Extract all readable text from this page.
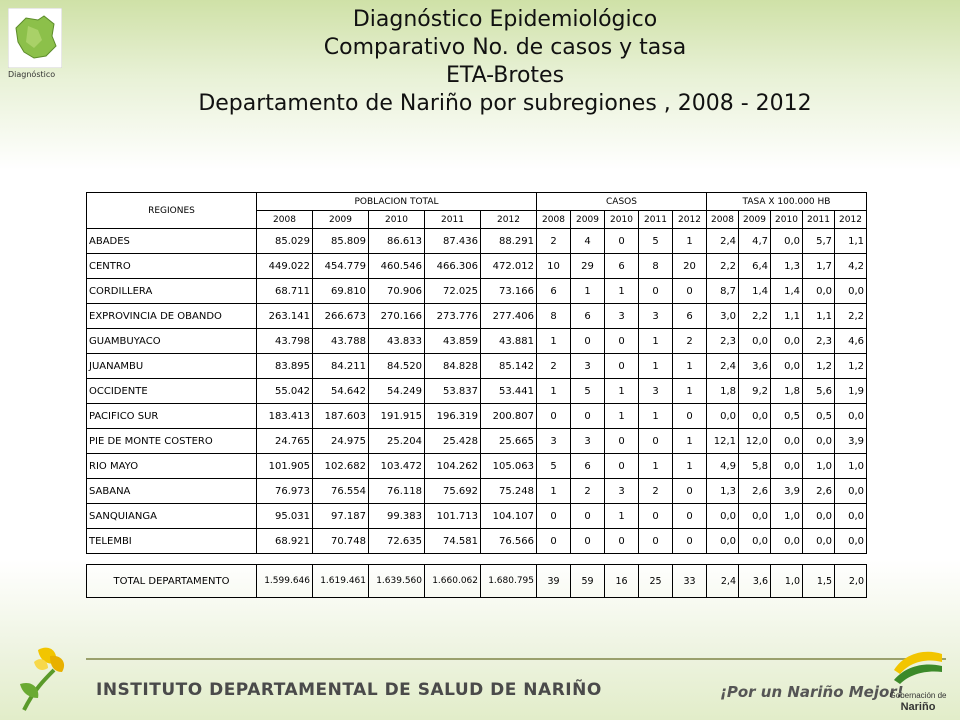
Diagnóstico
Diagnóstico Epidemiológico
Comparativo No. de casos y tasa
ETA-Brotes
Departamento de Nariño por subregiones , 2008 - 2012
REGIONES	POBLACION TOTAL					CASOS					TASA X 100.000 HB				
	2008	2009	2010	2011	2012	2008	2009	2010	2011	2012	2008	2009	2010	2011	2012
ABADES	85.029	85.809	86.613	87.436	88.291	2	4	0	5	1	2,4	4,7	0,0	5,7	1,1
CENTRO	449.022	454.779	460.546	466.306	472.012	10	29	6	8	20	2,2	6,4	1,3	1,7	4,2
CORDILLERA	68.711	69.810	70.906	72.025	73.166	6	1	1	0	0	8,7	1,4	1,4	0,0	0,0
EXPROVINCIA DE OBANDO	263.141	266.673	270.166	273.776	277.406	8	6	3	3	6	3,0	2,2	1,1	1,1	2,2
GUAMBUYACO	43.798	43.788	43.833	43.859	43.881	1	0	0	1	2	2,3	0,0	0,0	2,3	4,6
JUANAMBU	83.895	84.211	84.520	84.828	85.142	2	3	0	1	1	2,4	3,6	0,0	1,2	1,2
OCCIDENTE	55.042	54.642	54.249	53.837	53.441	1	5	1	3	1	1,8	9,2	1,8	5,6	1,9
PACIFICO SUR	183.413	187.603	191.915	196.319	200.807	0	0	1	1	0	0,0	0,0	0,5	0,5	0,0
PIE DE MONTE COSTERO	24.765	24.975	25.204	25.428	25.665	3	3	0	0	1	12,1	12,0	0,0	0,0	3,9
RIO MAYO	101.905	102.682	103.472	104.262	105.063	5	6	0	1	1	4,9	5,8	0,0	1,0	1,0
SABANA	76.973	76.554	76.118	75.692	75.248	1	2	3	2	0	1,3	2,6	3,9	2,6	0,0
SANQUIANGA	95.031	97.187	99.383	101.713	104.107	0	0	1	0	0	0,0	0,0	1,0	0,0	0,0
TELEMBI	68.921	70.748	72.635	74.581	76.566	0	0	0	0	0	0,0	0,0	0,0	0,0	0,0
TOTAL DEPARTAMENTO	1.599.646	1.619.461	1.639.560	1.660.062	1.680.795	39	59	16	25	33	2,4	3,6	1,0	1,5	2,0
INSTITUTO DEPARTAMENTAL DE SALUD DE NARIÑO	¡Por un Nariño Mejor!
Gobernación de
Nariño
